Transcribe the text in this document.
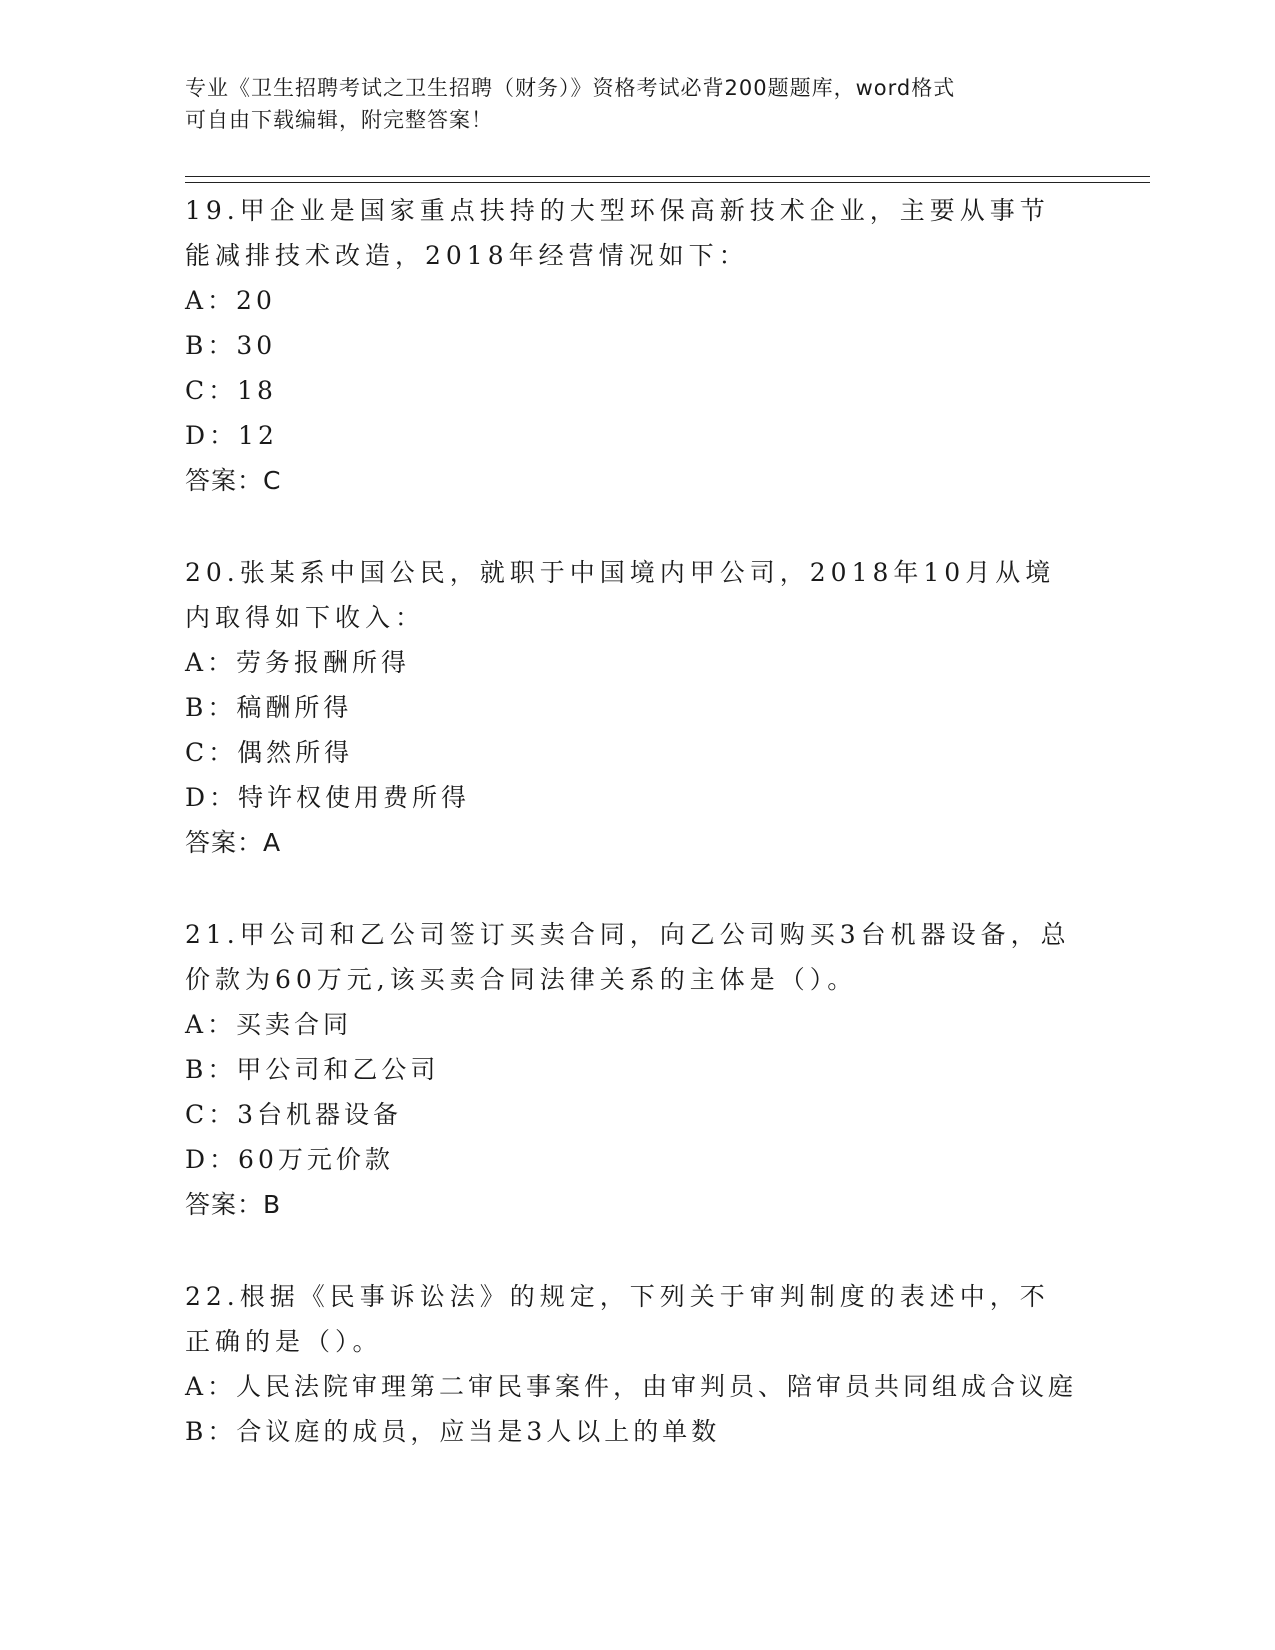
专业《卫生招聘考试之卫生招聘（财务）》资格考试必背200题题库，word格式
可自由下载编辑，附完整答案！

19.甲企业是国家重点扶持的大型环保高新技术企业，主要从事节能减排技术改造，2018年经营情况如下：

A：20

B：30

C：18

D：12

答案：C

20.张某系中国公民，就职于中国境内甲公司，2018年10月从境内取得如下收入：

A：劳务报酬所得

B：稿酬所得

C：偶然所得

D：特许权使用费所得

答案：A

21.甲公司和乙公司签订买卖合同，向乙公司购买3台机器设备，总价款为60万元,该买卖合同法律关系的主体是（）。

A：买卖合同

B：甲公司和乙公司

C：3台机器设备

D：60万元价款

答案：B

22.根据《民事诉讼法》的规定，下列关于审判制度的表述中，不正确的是（）。

A：人民法院审理第二审民事案件，由审判员、陪审员共同组成合议庭

B：合议庭的成员，应当是3人以上的单数
